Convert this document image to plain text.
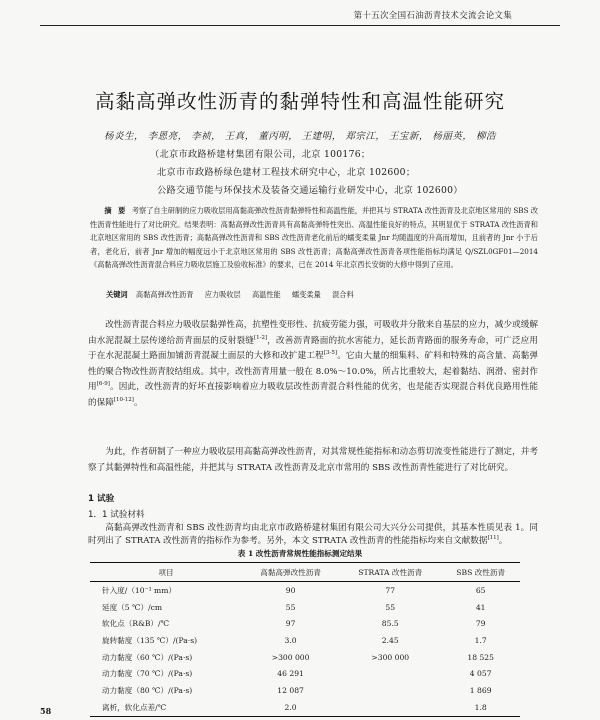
第十五次全国石油沥青技术交流会论文集
高黏高弹改性沥青的黏弹特性和高温性能研究
杨炎生， 李恩亮， 李祯， 王真， 董丙明， 王建明， 郑宗江， 王宝新， 杨丽英， 柳浩
（北京市政路桥建材集团有限公司，北京 100176；
北京市市政路桥绿色建材工程技术研究中心，北京 102600；
公路交通节能与环保技术及装备交通运输行业研发中心，北京 102600）
摘 要 考察了自主研制的应力吸收层用高黏高弹改性沥青黏弹特性和高温性能，并把其与 STRATA 改性沥青及北京地区常用的 SBS 改性沥青性能进行了对比研究。结果表明：高黏高弹改性沥青具有高黏高弹特性突出、高温性能良好的特点，其明显优于 STRATA 改性沥青和北京地区常用的 SBS 改性沥青；高黏高弹改性沥青和 SBS 改性沥青老化前后的蠕变柔量 Jnr 均随温度的升高而增加，且前者的 Jnr 小于后者，老化后，前者 Jnr 增加的幅度远小于北京地区常用的 SBS 改性沥青；高黏高弹改性沥青各项性能指标均满足 Q/SZL0GF01—2014《高黏高弹改性沥青混合料应力吸收层施工及验收标准》的要求，已在 2014 年北京西长安街的大修中得到了应用。
关键词 高黏高弹改性沥青 应力吸收层 高温性能 蠕变柔量 混合料
改性沥青混合料应力吸收层黏弹性高，抗塑性变形性、抗疲劳能力强，可吸收并分散来自基层的应力，减少或缓解由水泥混凝土层传递给沥青面层的反射裂缝[1-2]，改善沥青路面的抗水害能力，延长沥青路面的服务寿命，可广泛应用于在水泥混凝土路面加铺沥青混凝土面层的大修和改扩建工程[3-5]。它由大量的细集料、矿料和特殊的高含量、高黏弹性的聚合物改性沥青胶结组成。其中，改性沥青用量一般在 8.0%～10.0%，所占比重较大，起着黏结、润滑、密封作用[6-9]。因此，改性沥青的好坏直接影响着应力吸收层改性沥青混合料性能的优劣，也是能否实现混合料优良路用性能的保障[10-12]。
为此，作者研制了一种应力吸收层用高黏高弹改性沥青，对其常规性能指标和动态剪切流变性能进行了测定，并考察了其黏弹特性和高温性能，并把其与 STRATA 改性沥青及北京市常用的 SBS 改性沥青性能进行了对比研究。
1 试验
1．1 试验材料
高黏高弹改性沥青和 SBS 改性沥青均由北京市政路桥建材集团有限公司大兴分公司提供，其基本性质见表 1。同时列出了 STRATA 改性沥青的指标作为参考。另外，本文 STRATA 改性沥青的性能指标均来自文献数据[11]。
表 1 改性沥青常规性能指标测定结果
项目	高黏高弹改性沥青	STRATA 改性沥青	SBS 改性沥青
针入度/（10⁻¹ mm）	90	77	65
延度（5 ℃）/cm	55	55	41
软化点（R&B）/℃	97	85.5	79
旋转黏度（135 ℃）/(Pa·s)	3.0	2.45	1.7
动力黏度（60 ℃）/(Pa·s)	>300 000	>300 000	18 525
动力黏度（70 ℃）/(Pa·s)	46 291		4 057
动力黏度（80 ℃）/(Pa·s)	12 087		1 869
离析，软化点差/℃	2.0		1.8
58
